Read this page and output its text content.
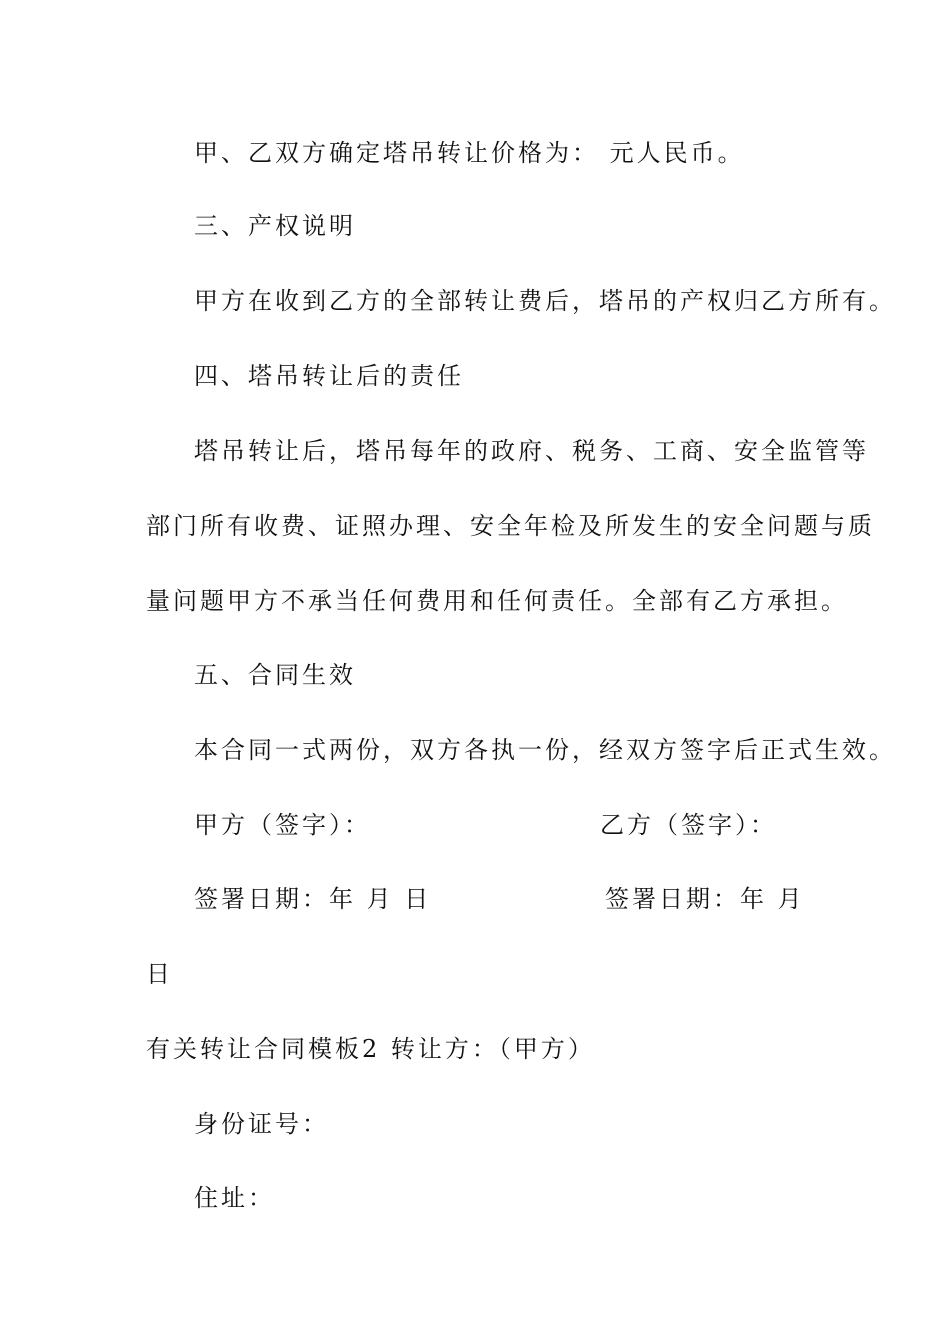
甲、乙双方确定塔吊转让价格为： 元人民币。
三、产权说明
甲方在收到乙方的全部转让费后，塔吊的产权归乙方所有。
四、塔吊转让后的责任
塔吊转让后，塔吊每年的政府、税务、工商、安全监管等
部门所有收费、证照办理、安全年检及所发生的安全问题与质
量问题甲方不承当任何费用和任何责任。全部有乙方承担。
五、合同生效
本合同一式两份，双方各执一份，经双方签字后正式生效。
甲方（签字）：	乙方（签字）：
签署日期：年 月 日	签署日期：年 月
日
有关转让合同模板2 转让方：（甲方）
身份证号：
住址：
